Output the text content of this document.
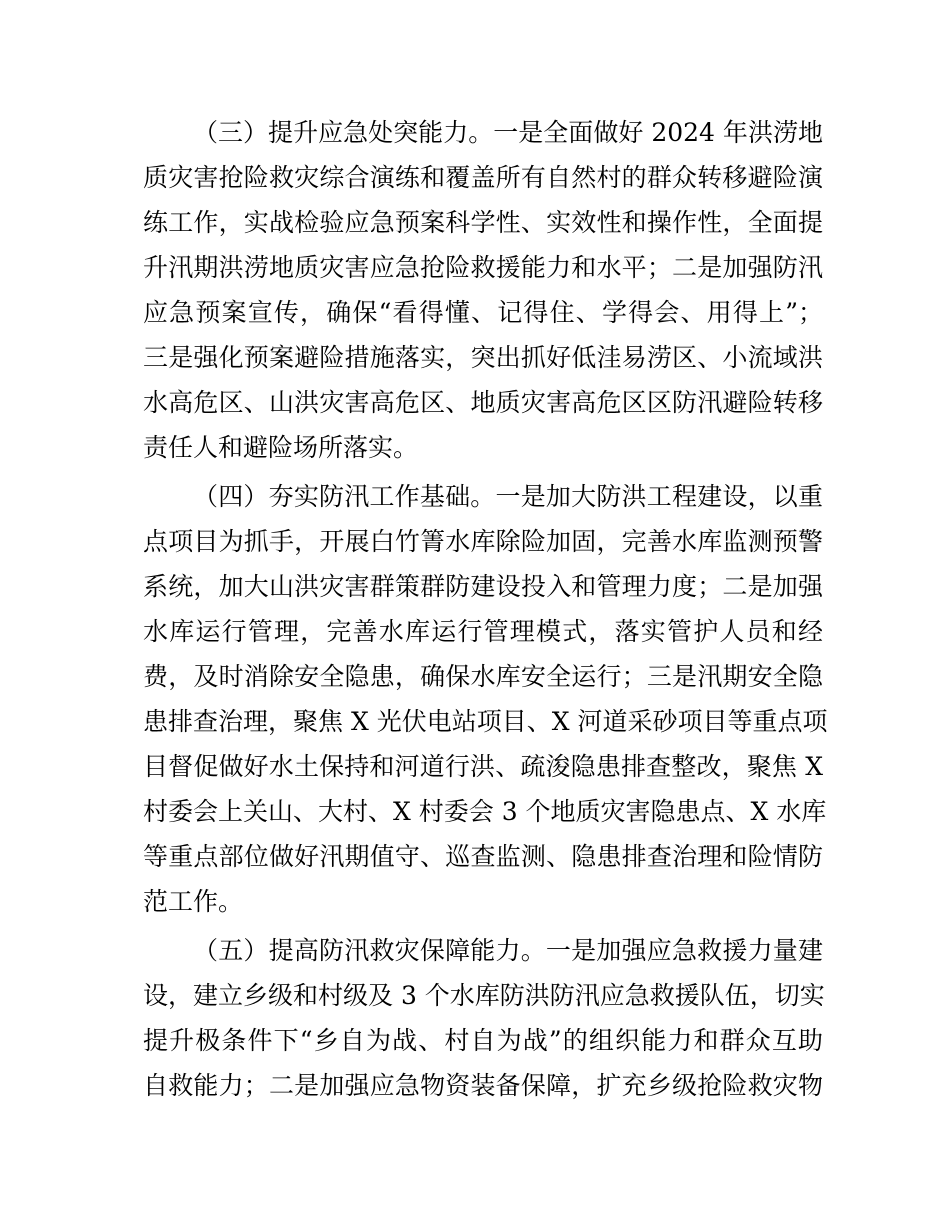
（三）提升应急处突能力。一是全面做好 2024 年洪涝地
质灾害抢险救灾综合演练和覆盖所有自然村的群众转移避险演
练工作，实战检验应急预案科学性、实效性和操作性，全面提
升汛期洪涝地质灾害应急抢险救援能力和水平；二是加强防汛
应急预案宣传，确保“看得懂、记得住、学得会、用得上”；
三是强化预案避险措施落实，突出抓好低洼易涝区、小流域洪
水高危区、山洪灾害高危区、地质灾害高危区区防汛避险转移
责任人和避险场所落实。
（四）夯实防汛工作基础。一是加大防洪工程建设，以重
点项目为抓手，开展白竹箐水库除险加固，完善水库监测预警
系统，加大山洪灾害群策群防建设投入和管理力度；二是加强
水库运行管理，完善水库运行管理模式，落实管护人员和经
费，及时消除安全隐患，确保水库安全运行；三是汛期安全隐
患排查治理，聚焦 X 光伏电站项目、X 河道采砂项目等重点项
目督促做好水土保持和河道行洪、疏浚隐患排查整改，聚焦 X
村委会上关山、大村、X 村委会 3 个地质灾害隐患点、X 水库
等重点部位做好汛期值守、巡查监测、隐患排查治理和险情防
范工作。
（五）提高防汛救灾保障能力。一是加强应急救援力量建
设，建立乡级和村级及 3 个水库防洪防汛应急救援队伍，切实
提升极条件下“乡自为战、村自为战”的组织能力和群众互助
自救能力；二是加强应急物资装备保障，扩充乡级抢险救灾物
